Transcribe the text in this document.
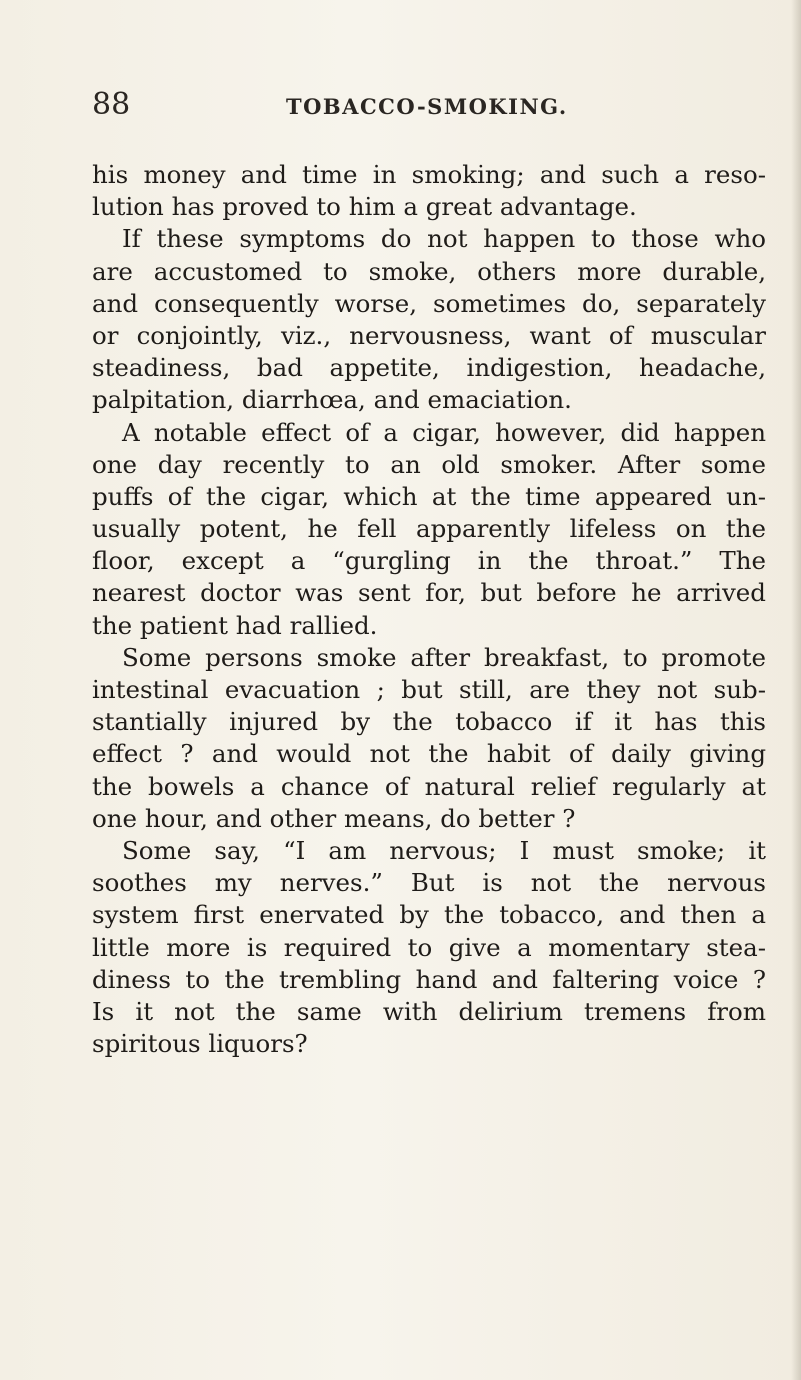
88	TOBACCO-SMOKING.
his money and time in smoking; and such a reso-
lution has proved to him a great advantage.
If these symptoms do not happen to those who
are accustomed to smoke, others more durable,
and consequently worse, sometimes do, separately
or conjointly, viz., nervousness, want of muscular
steadiness, bad appetite, indigestion, headache,
palpitation, diarrhœa, and emaciation.
A notable effect of a cigar, however, did happen
one day recently to an old smoker. After some
puffs of the cigar, which at the time appeared un-
usually potent, he fell apparently lifeless on the
floor, except a “gurgling in the throat.” The
nearest doctor was sent for, but before he arrived
the patient had rallied.
Some persons smoke after breakfast, to promote
intestinal evacuation ; but still, are they not sub-
stantially injured by the tobacco if it has this
effect ? and would not the habit of daily giving
the bowels a chance of natural relief regularly at
one hour, and other means, do better ?
Some say, “I am nervous; I must smoke; it
soothes my nerves.” But is not the nervous
system first enervated by the tobacco, and then a
little more is required to give a momentary stea-
diness to the trembling hand and faltering voice ?
Is it not the same with delirium tremens from
spiritous liquors?
